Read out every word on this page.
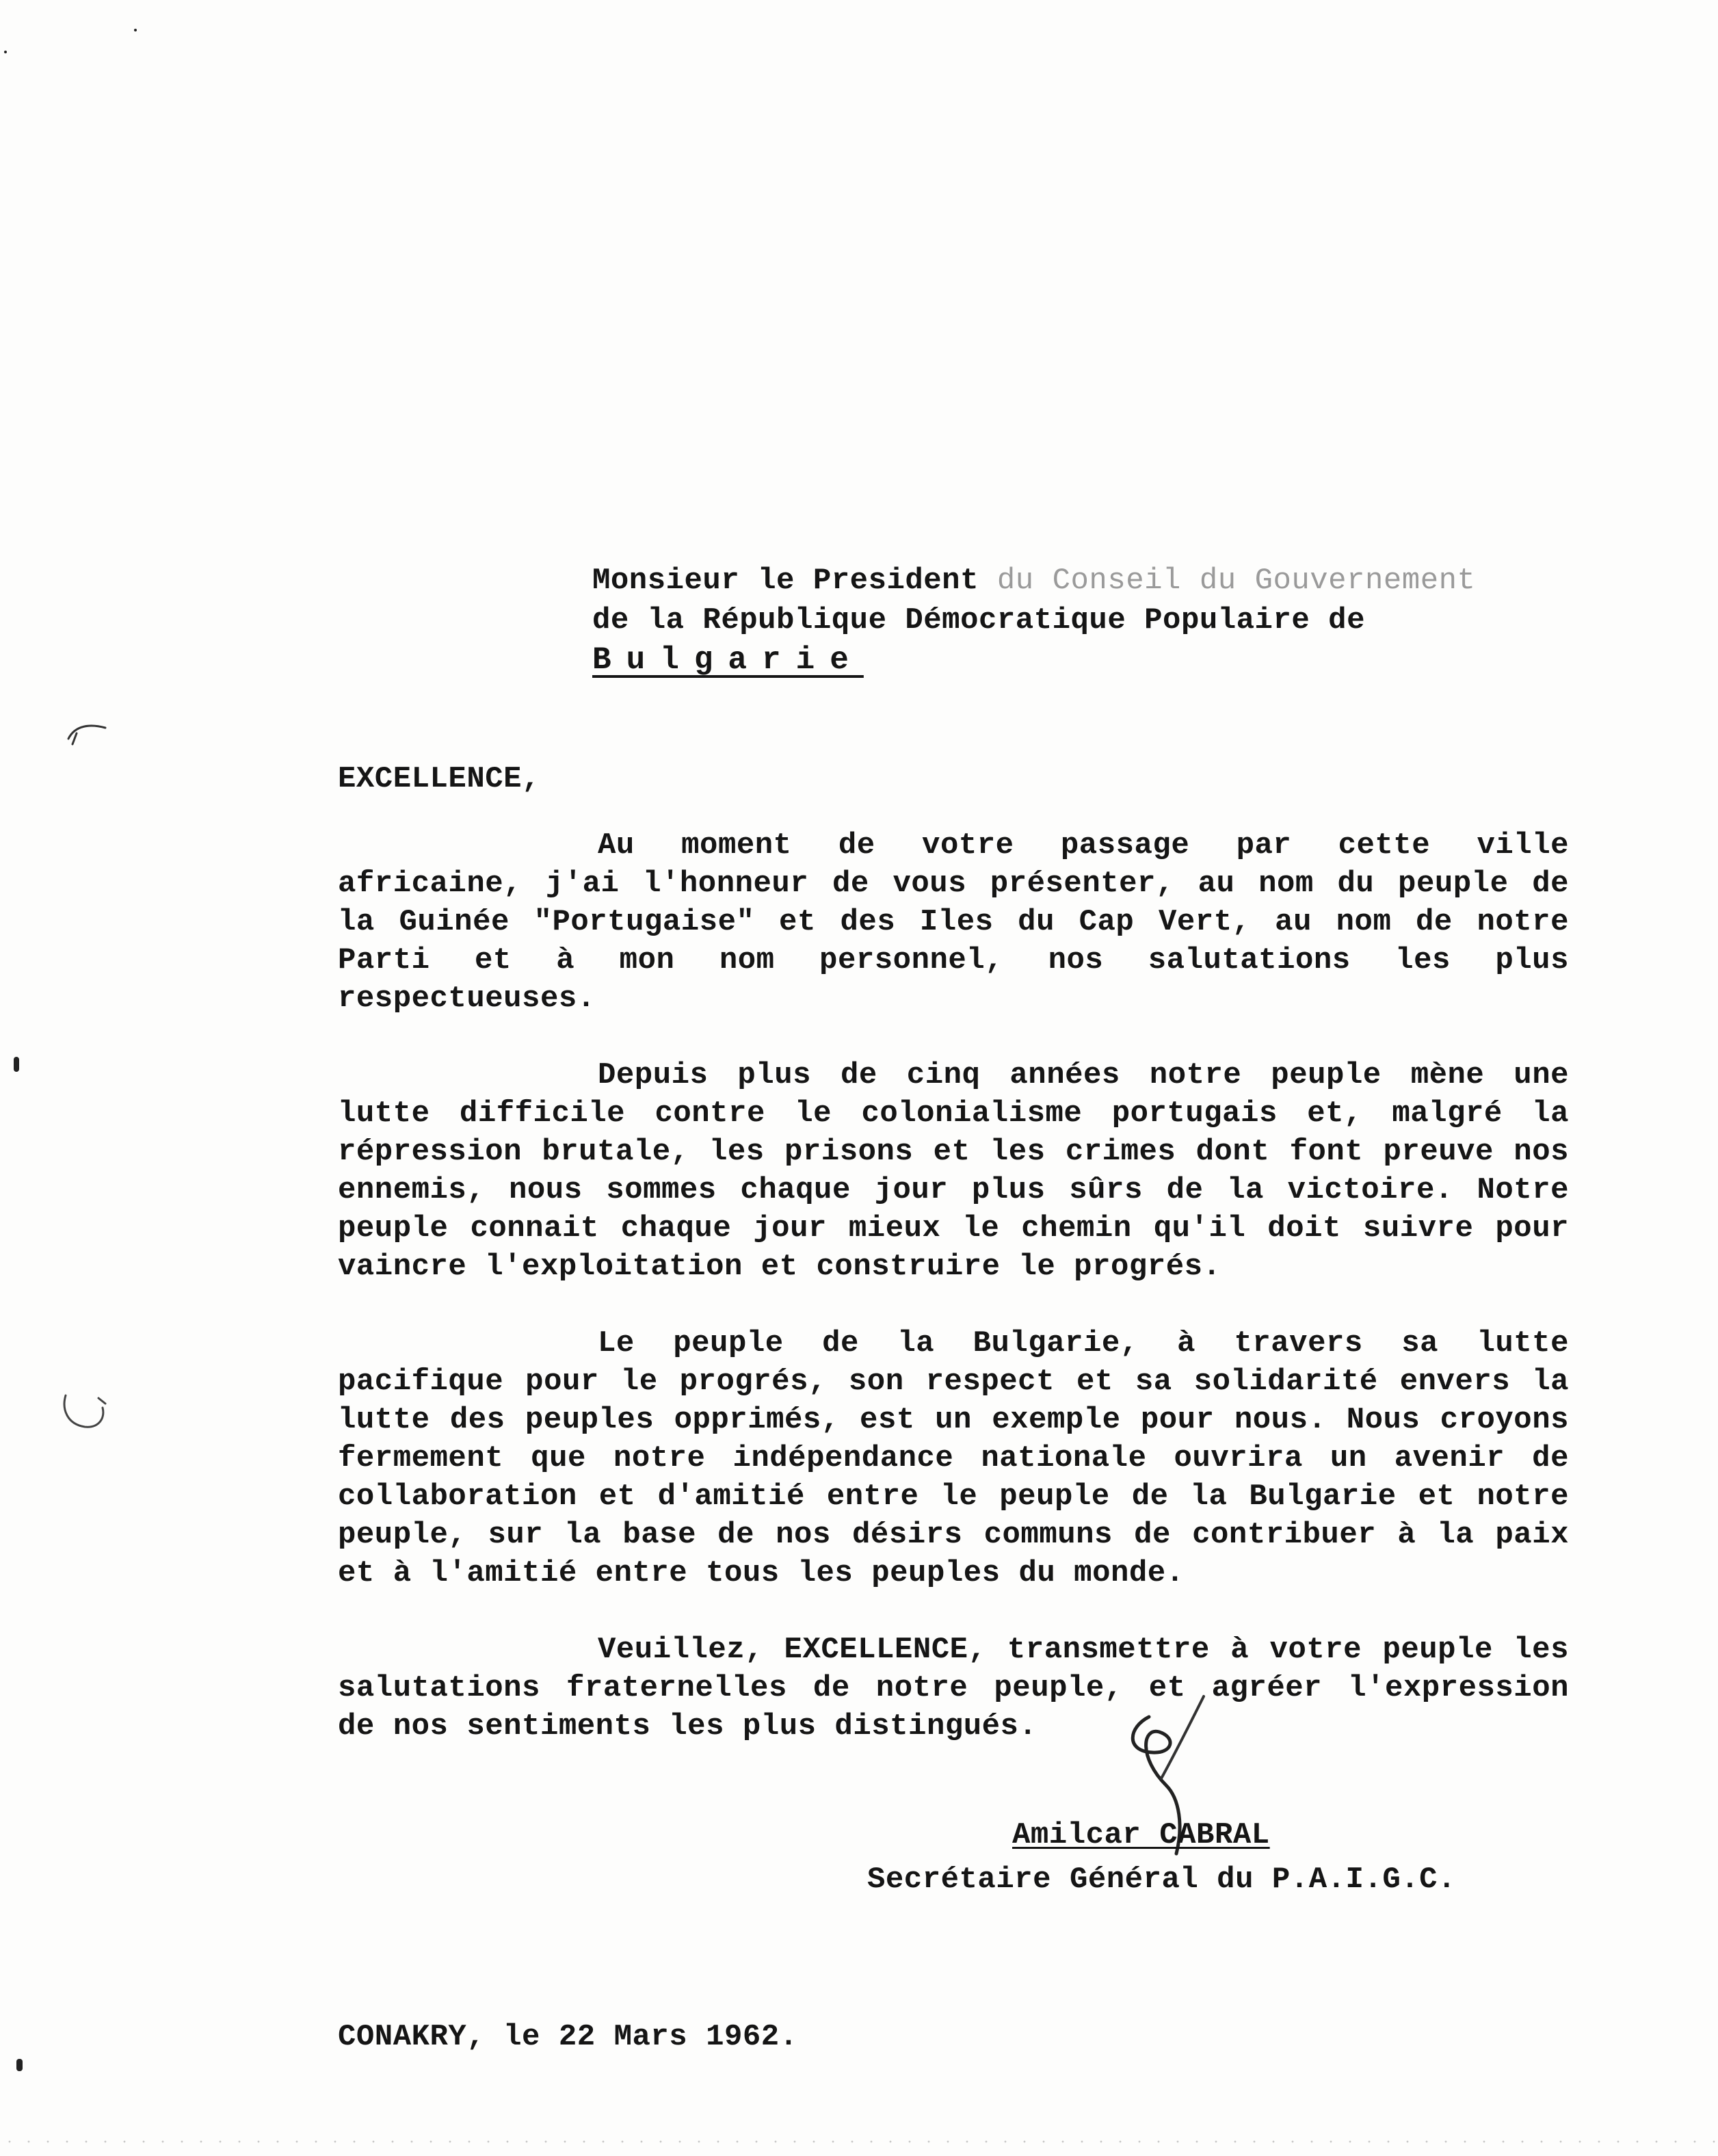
Monsieur le President du Conseil du Gouvernement
de la République Démocratique Populaire de
Bulgarie
EXCELLENCE,

Au moment de votre passage par cette ville africaine, j'ai l'honneur de vous présenter, au nom du peuple de la Guinée "Portugaise" et des Iles du Cap Vert, au nom de notre Parti et à mon nom personnel, nos salutations les plus respectueuses.

Depuis plus de cinq années notre peuple mène une lutte difficile contre le colonialisme portugais et, malgré la répression brutale, les prisons et les crimes dont font preuve nos ennemis, nous sommes chaque jour plus sûrs de la victoire. Notre peuple connait chaque jour mieux le chemin qu'il doit suivre pour vaincre l'exploitation et construire le progrés.

Le peuple de la Bulgarie, à travers sa lutte pacifique pour le progrés, son respect et sa solidarité envers la lutte des peuples opprimés, est un exemple pour nous. Nous croyons fermement que notre indépendance nationale ouvrira un avenir de collaboration et d'amitié entre le peuple de la Bulgarie et notre peuple, sur la base de nos désirs communs de contribuer à la paix et à l'amitié entre tous les peuples du monde.

Veuillez, EXCELLENCE, transmettre à votre peuple les salutations fraternelles de notre peuple, et agréer l'expression de nos sentiments les plus distingués.

Amilcar CABRAL
Secrétaire Général du P.A.I.G.C.
CONAKRY, le 22 Mars 1962.
